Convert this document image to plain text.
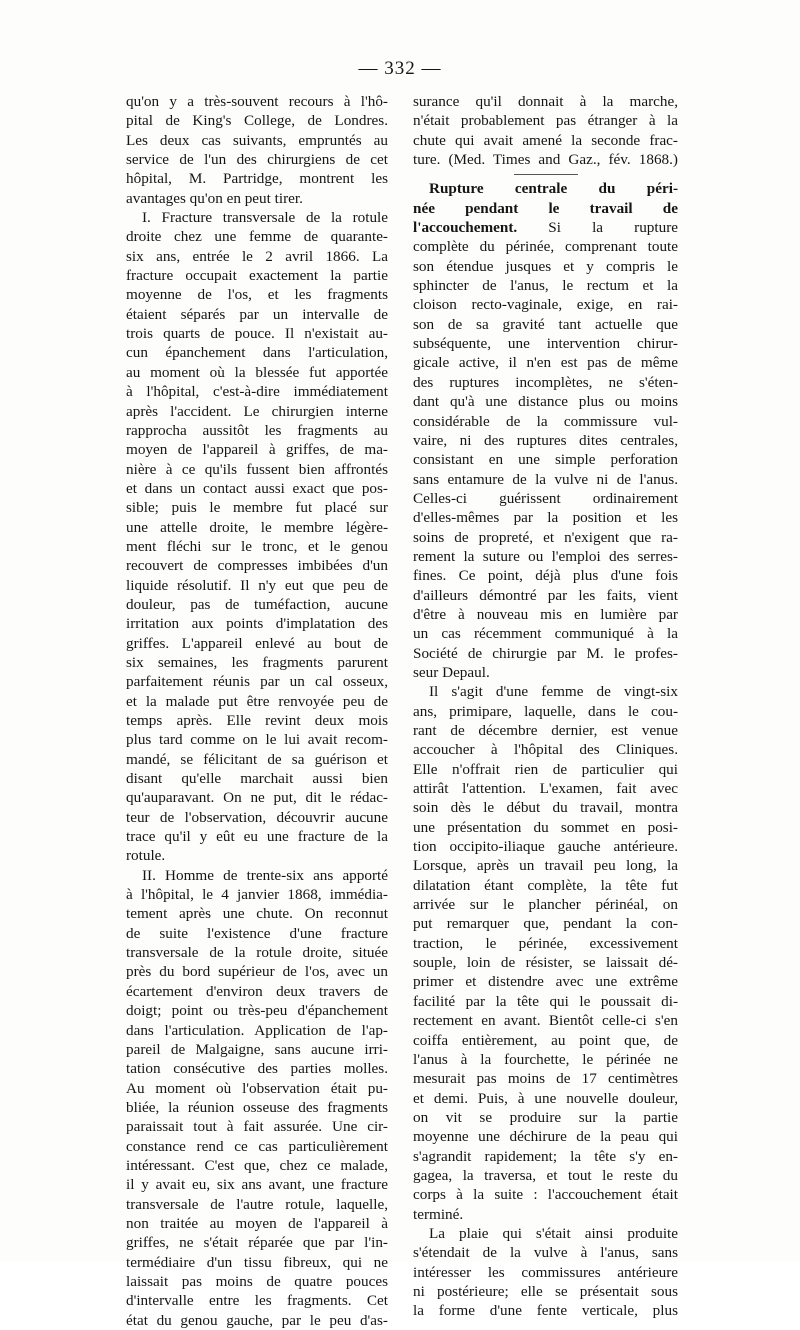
— 332 —
qu'on y a très-souvent recours à l'hô-
pital de King's College, de Londres.
Les deux cas suivants, empruntés au
service de l'un des chirurgiens de cet
hôpital, M. Partridge, montrent les
avantages qu'on en peut tirer.
I. Fracture transversale de la rotule
droite chez une femme de quarante-
six ans, entrée le 2 avril 1866. La
fracture occupait exactement la partie
moyenne de l'os, et les fragments
étaient séparés par un intervalle de
trois quarts de pouce. Il n'existait au-
cun épanchement dans l'articulation,
au moment où la blessée fut apportée
à l'hôpital, c'est-à-dire immédiatement
après l'accident. Le chirurgien interne
rapprocha aussitôt les fragments au
moyen de l'appareil à griffes, de ma-
nière à ce qu'ils fussent bien affrontés
et dans un contact aussi exact que pos-
sible; puis le membre fut placé sur
une attelle droite, le membre légère-
ment fléchi sur le tronc, et le genou
recouvert de compresses imbibées d'un
liquide résolutif. Il n'y eut que peu de
douleur, pas de tuméfaction, aucune
irritation aux points d'implatation des
griffes. L'appareil enlevé au bout de
six semaines, les fragments parurent
parfaitement réunis par un cal osseux,
et la malade put être renvoyée peu de
temps après. Elle revint deux mois
plus tard comme on le lui avait recom-
mandé, se félicitant de sa guérison et
disant qu'elle marchait aussi bien
qu'auparavant. On ne put, dit le rédac-
teur de l'observation, découvrir aucune
trace qu'il y eût eu une fracture de la
rotule.
II. Homme de trente-six ans apporté
à l'hôpital, le 4 janvier 1868, immédia-
tement après une chute. On reconnut
de suite l'existence d'une fracture
transversale de la rotule droite, située
près du bord supérieur de l'os, avec un
écartement d'environ deux travers de
doigt; point ou très-peu d'épanchement
dans l'articulation. Application de l'ap-
pareil de Malgaigne, sans aucune irri-
tation consécutive des parties molles.
Au moment où l'observation était pu-
bliée, la réunion osseuse des fragments
paraissait tout à fait assurée. Une cir-
constance rend ce cas particulièrement
intéressant. C'est que, chez ce malade,
il y avait eu, six ans avant, une fracture
transversale de l'autre rotule, laquelle,
non traitée au moyen de l'appareil à
griffes, ne s'était réparée que par l'in-
termédiaire d'un tissu fibreux, qui ne
laissait pas moins de quatre pouces
d'intervalle entre les fragments. Cet
état du genou gauche, par le peu d'as-
surance qu'il donnait à la marche,
n'était probablement pas étranger à la
chute qui avait amené la seconde frac-
ture. (Med. Times and Gaz., fév. 1868.)
Rupture centrale du péri-
née pendant le travail de
l'accouchement. Si la rupture
complète du périnée, comprenant toute
son étendue jusques et y compris le
sphincter de l'anus, le rectum et la
cloison recto-vaginale, exige, en rai-
son de sa gravité tant actuelle que
subséquente, une intervention chirur-
gicale active, il n'en est pas de même
des ruptures incomplètes, ne s'éten-
dant qu'à une distance plus ou moins
considérable de la commissure vul-
vaire, ni des ruptures dites centrales,
consistant en une simple perforation
sans entamure de la vulve ni de l'anus.
Celles-ci guérissent ordinairement
d'elles-mêmes par la position et les
soins de propreté, et n'exigent que ra-
rement la suture ou l'emploi des serres-
fines. Ce point, déjà plus d'une fois
d'ailleurs démontré par les faits, vient
d'être à nouveau mis en lumière par
un cas récemment communiqué à la
Société de chirurgie par M. le profes-
seur Depaul.
Il s'agit d'une femme de vingt-six
ans, primipare, laquelle, dans le cou-
rant de décembre dernier, est venue
accoucher à l'hôpital des Cliniques.
Elle n'offrait rien de particulier qui
attirât l'attention. L'examen, fait avec
soin dès le début du travail, montra
une présentation du sommet en posi-
tion occipito-iliaque gauche antérieure.
Lorsque, après un travail peu long, la
dilatation étant complète, la tête fut
arrivée sur le plancher périnéal, on
put remarquer que, pendant la con-
traction, le périnée, excessivement
souple, loin de résister, se laissait dé-
primer et distendre avec une extrême
facilité par la tête qui le poussait di-
rectement en avant. Bientôt celle-ci s'en
coiffa entièrement, au point que, de
l'anus à la fourchette, le périnée ne
mesurait pas moins de 17 centimètres
et demi. Puis, à une nouvelle douleur,
on vit se produire sur la partie
moyenne une déchirure de la peau qui
s'agrandit rapidement; la tête s'y en-
gagea, la traversa, et tout le reste du
corps à la suite : l'accouchement était
terminé.
La plaie qui s'était ainsi produite
s'étendait de la vulve à l'anus, sans
intéresser les commissures antérieure
ni postérieure; elle se présentait sous
la forme d'une fente verticale, plus
